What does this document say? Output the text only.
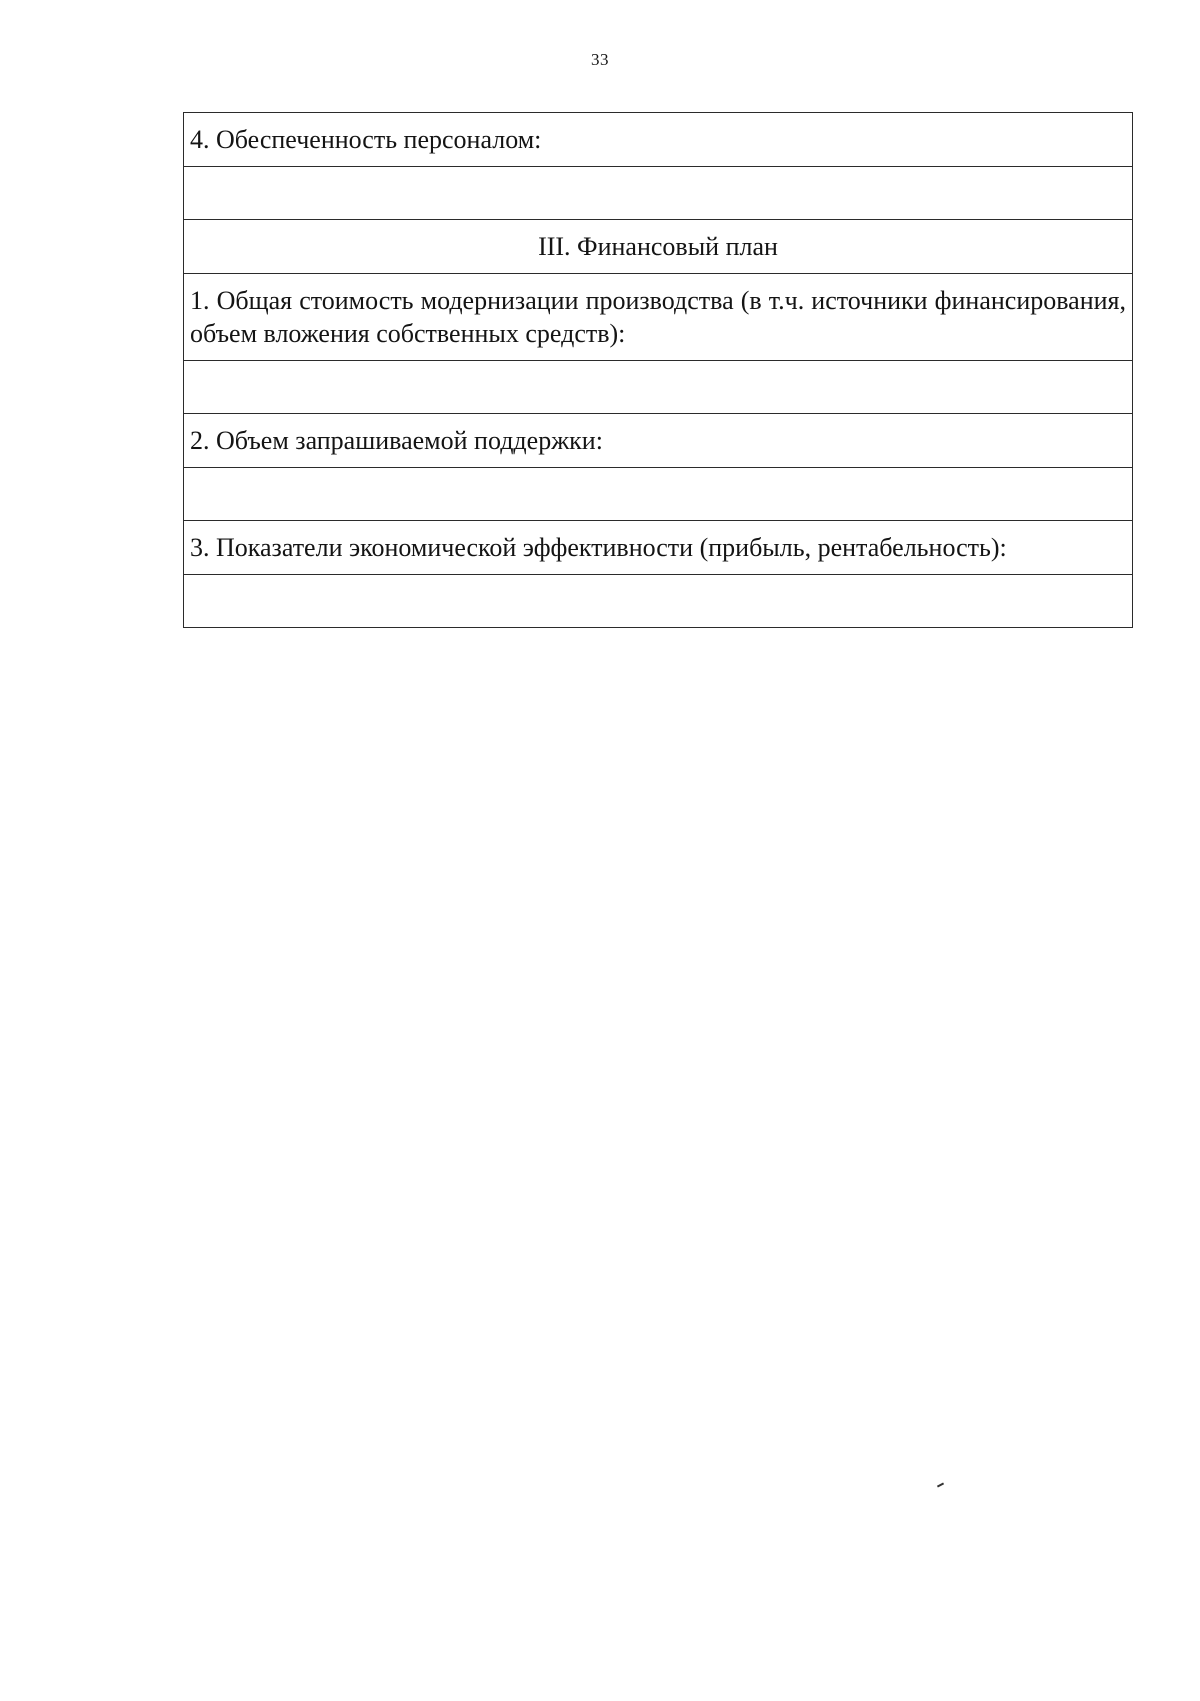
33
4. Обеспеченность персоналом:

III. Финансовый план
1. Общая стоимость модернизации производства (в т.ч. источники финансирования, объем вложения собственных средств):

2. Объем запрашиваемой поддержки:

3. Показатели экономической эффективности (прибыль, рентабельность):
